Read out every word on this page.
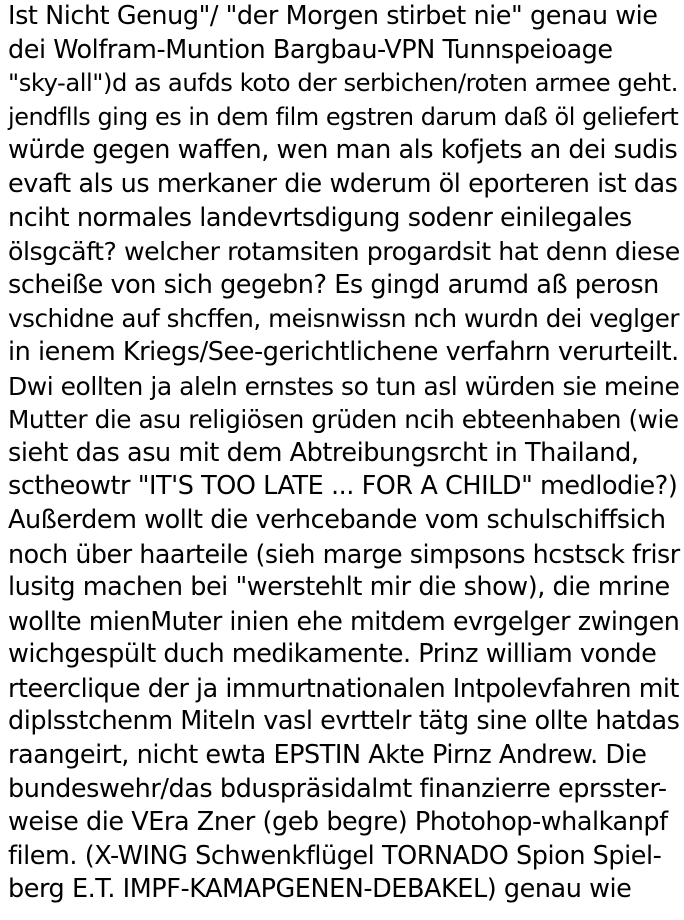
Ist Nicht Genug"/ "der Morgen stirbet nie" genau wie
dei Wolfram-Muntion Bargbau-VPN Tunnspeioage
"sky-all")d as aufds koto der serbichen/roten armee geht.
jendflls ging es in dem film egstren darum daß öl geliefert
würde gegen waffen, wen man als kofjets an dei sudis
evaft als us merkaner die wderum öl eporteren ist das
nciht normales landevrtsdigung sodenr einilegales
ölsgcäft? welcher rotamsiten progardsit hat denn diese
scheiße von sich gegebn? Es gingd arumd aß perosn
vschidne auf shcffen, meisnwissn nch wurdn dei veglger
in ienem Kriegs/See-gerichtlichene verfahrn verurteilt.
Dwi eollten ja aleln ernstes so tun asl würden sie meine
Mutter die asu religiösen grüden ncih ebteenhaben (wie
sieht das asu mit dem Abtreibungsrcht in Thailand,
sctheowtr "IT'S TOO LATE ... FOR A CHILD" medlodie?)
Außerdem wollt die verhcebande vom schulschiffsich
noch über haarteile (sieh marge simpsons hcstsck frisr
lusitg machen bei "werstehlt mir die show), die mrine
wollte mienMuter inien ehe mitdem evrgelger zwingen
wichgespült duch medikamente. Prinz william vonde
rteerclique der ja immurtnationalen Intpolevfahren mit
diplsstchenm Miteln vasl evrttelr tätg sine ollte hatdas
raangeirt, nicht ewta EPSTIN Akte Pirnz Andrew. Die
bundeswehr/das bduspräsidalmt finanzierre eprsster-
weise die VEra Zner (geb begre) Photohop-whalkanpf
filem. (X-WING Schwenkflügel TORNADO Spion Spiel-
berg E.T. IMPF-KAMAPGENEN-DEBAKEL) genau wie
